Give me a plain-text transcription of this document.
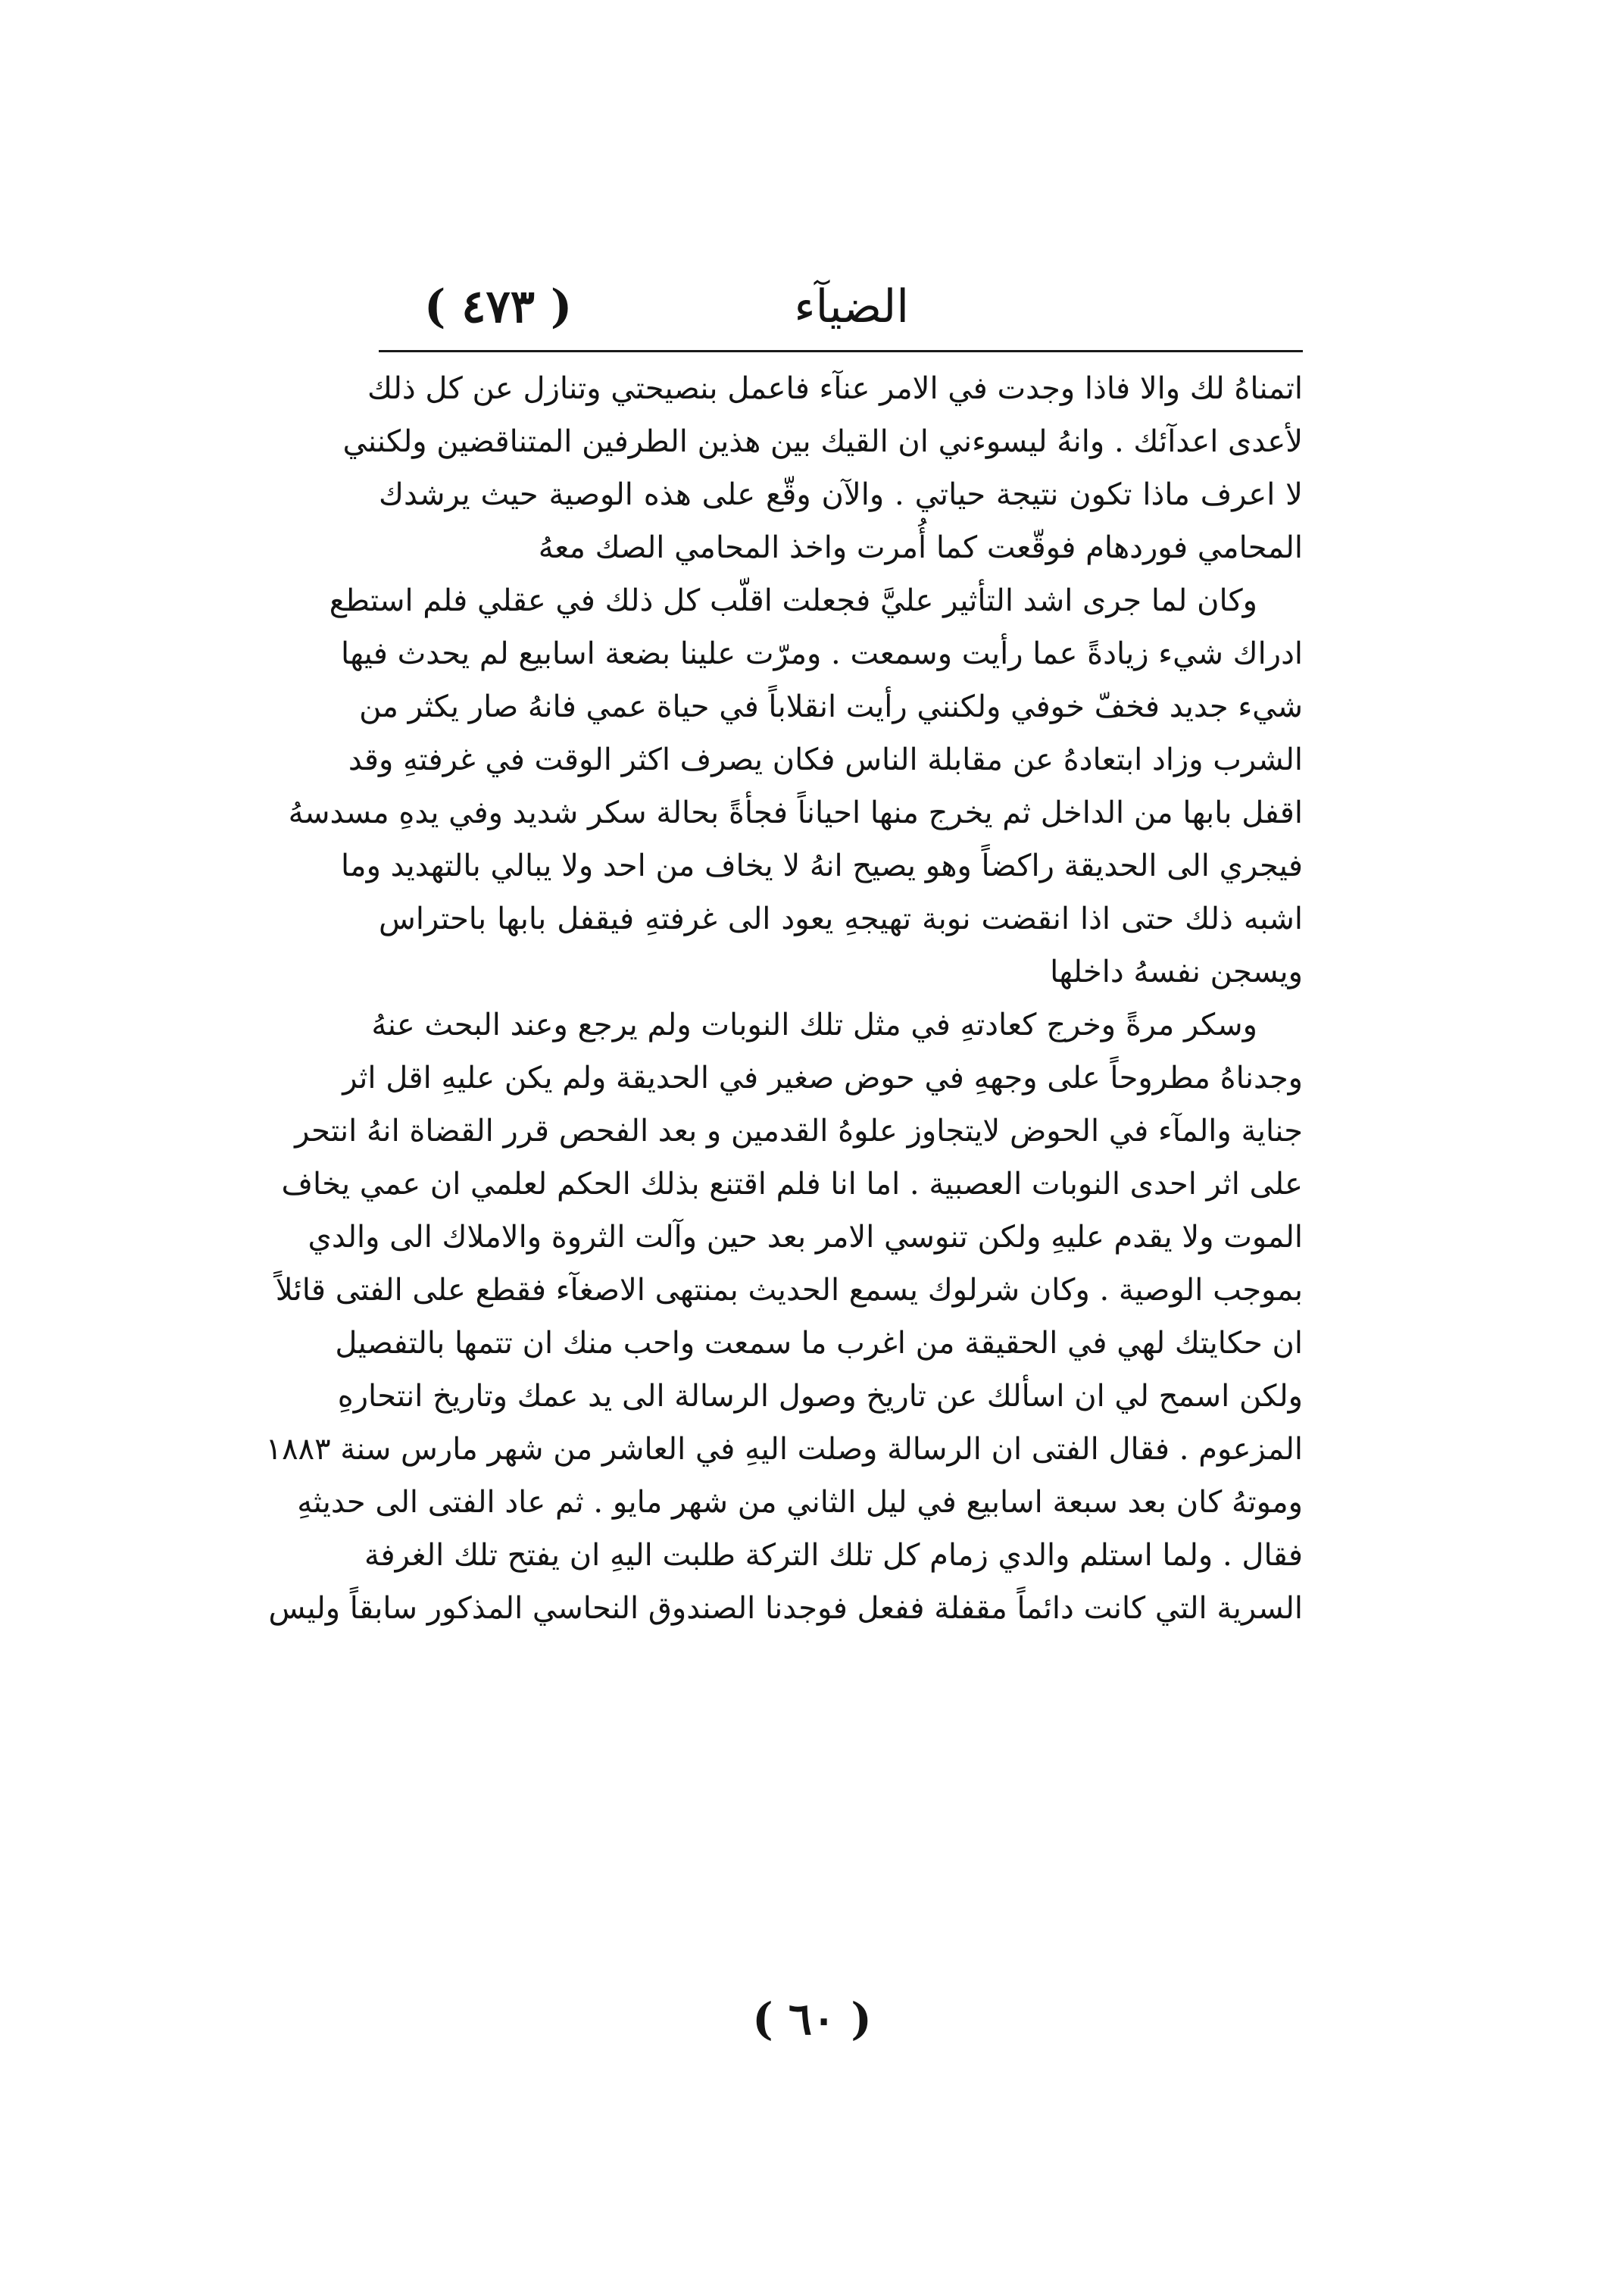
الضيآء
( ٤٧٣ )
اتمناهُ لك والا فاذا وجدت في الامر عنآء فاعمل بنصيحتي وتنازل عن كل ذلك
لأعدى اعدآئك . وانهُ ليسوءني ان القيك بين هذين الطرفين المتناقضين ولكنني
لا اعرف ماذا تكون نتيجة حياتي . والآن وقّع على هذه الوصية حيث يرشدك
المحامي فوردهام فوقّعت كما أُمرت واخذ المحامي الصك معهُ
وكان لما جرى اشد التأثير عليَّ فجعلت اقلّب كل ذلك في عقلي فلم استطع
ادراك شيء زيادةً عما رأيت وسمعت . ومرّت علينا بضعة اسابيع لم يحدث فيها
شيء جديد فخفّ خوفي ولكنني رأيت انقلاباً في حياة عمي فانهُ صار يكثر من
الشرب وزاد ابتعادهُ عن مقابلة الناس فكان يصرف اكثر الوقت في غرفتهِ وقد
اقفل بابها من الداخل ثم يخرج منها احياناً فجأةً بحالة سكر شديد وفي يدهِ مسدسهُ
فيجري الى الحديقة راكضاً وهو يصيح انهُ لا يخاف من احد ولا يبالي بالتهديد وما
اشبه ذلك حتى اذا انقضت نوبة تهيجهِ يعود الى غرفتهِ فيقفل بابها باحتراس
ويسجن نفسهُ داخلها
وسكر مرةً وخرج كعادتهِ في مثل تلك النوبات ولم يرجع وعند البحث عنهُ
وجدناهُ مطروحاً على وجههِ في حوض صغير في الحديقة ولم يكن عليهِ اقل اثر
جناية والمآء في الحوض لايتجاوز علوهُ القدمين و بعد الفحص قرر القضاة انهُ انتحر
على اثر احدى النوبات العصبية . اما انا فلم اقتنع بذلك الحكم لعلمي ان عمي يخاف
الموت ولا يقدم عليهِ ولكن تنوسي الامر بعد حين وآلت الثروة والاملاك الى والدي
بموجب الوصية . وكان شرلوك يسمع الحديث بمنتهى الاصغآء فقطع على الفتى قائلاً
ان حكايتك لهي في الحقيقة من اغرب ما سمعت واحب منك ان تتمها بالتفصيل
ولكن اسمح لي ان اسألك عن تاريخ وصول الرسالة الى يد عمك وتاريخ انتحارهِ
المزعوم . فقال الفتى ان الرسالة وصلت اليهِ في العاشر من شهر مارس سنة ١٨٨٣
وموتهُ كان بعد سبعة اسابيع في ليل الثاني من شهر مايو . ثم عاد الفتى الى حديثهِ
فقال . ولما استلم والدي زمام كل تلك التركة طلبت اليهِ ان يفتح تلك الغرفة
السرية التي كانت دائماً مقفلة ففعل فوجدنا الصندوق النحاسي المذكور سابقاً وليس
( ٦٠ )
